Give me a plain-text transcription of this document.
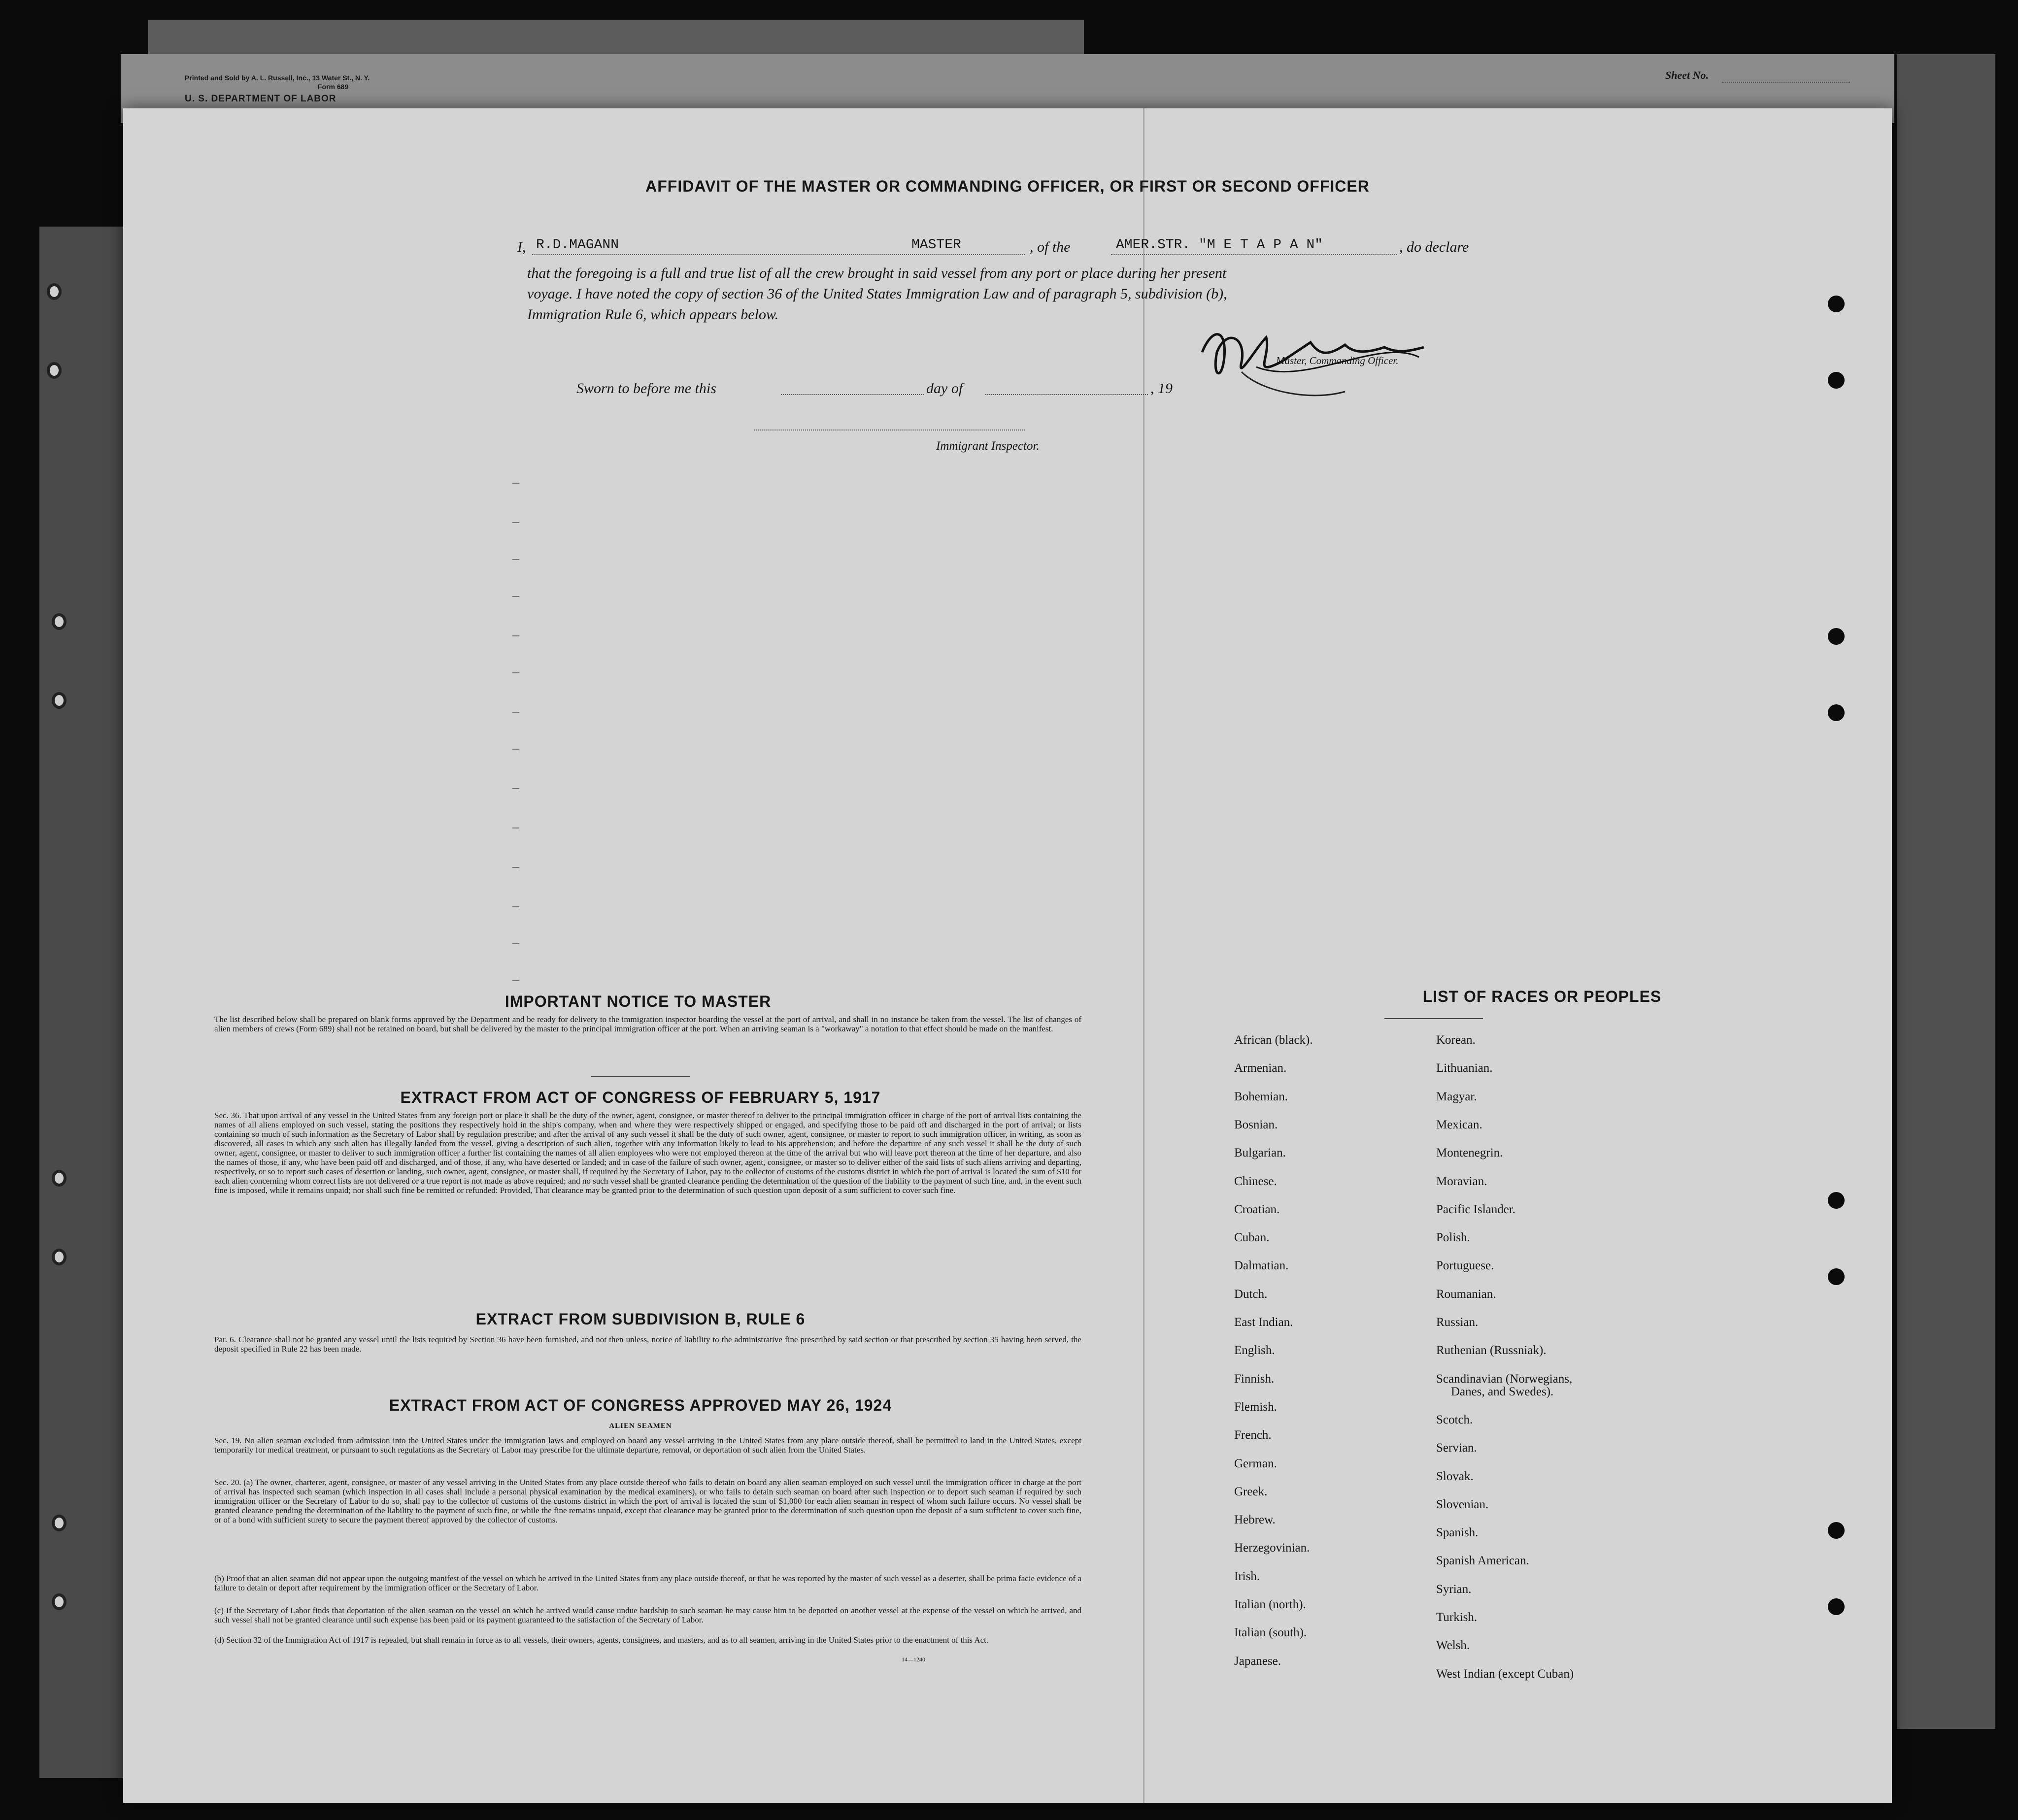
Printed and Sold by A. L. Russell, Inc., 13 Water St., N. Y.
Form 689
U. S. DEPARTMENT OF LABOR
Sheet No.
AFFIDAVIT OF THE MASTER OR COMMANDING OFFICER, OR FIRST OR SECOND OFFICER
I, R.D.MAGANN	MASTER	, of the	AMER.STR. "M E T A P A N"	, do declare
that the foregoing is a full and true list of all the crew brought in said vessel from any port or place during her present
voyage. I have noted the copy of section 36 of the United States Immigration Law and of paragraph 5, subdivision (b),
Immigration Rule 6, which appears below.
Master, Commanding Officer.
Sworn to before me this	day of	, 19
Immigrant Inspector.
IMPORTANT NOTICE TO MASTER
The list described below shall be prepared on blank forms approved by the Department and be ready for delivery to the immigration inspector boarding the vessel at the port of arrival, and shall in no instance be taken from the vessel. The list of changes of alien members of crews (Form 689) shall not be retained on board, but shall be delivered by the master to the principal immigration officer at the port. When an arriving seaman is a "workaway" a notation to that effect should be made on the manifest.
EXTRACT FROM ACT OF CONGRESS OF FEBRUARY 5, 1917
Sec. 36. That upon arrival of any vessel in the United States from any foreign port or place it shall be the duty of the owner, agent, consignee, or master thereof to deliver to the principal immigration officer in charge of the port of arrival lists containing the names of all aliens employed on such vessel, stating the positions they respectively hold in the ship's company, when and where they were respectively shipped or engaged, and specifying those to be paid off and discharged in the port of arrival; or lists containing so much of such information as the Secretary of Labor shall by regulation prescribe; and after the arrival of any such vessel it shall be the duty of such owner, agent, consignee, or master to report to such immigration officer, in writing, as soon as discovered, all cases in which any such alien has illegally landed from the vessel, giving a description of such alien, together with any information likely to lead to his apprehension; and before the departure of any such vessel it shall be the duty of such owner, agent, consignee, or master to deliver to such immigration officer a further list containing the names of all alien employees who were not employed thereon at the time of the arrival but who will leave port thereon at the time of her departure, and also the names of those, if any, who have been paid off and discharged, and of those, if any, who have deserted or landed; and in case of the failure of such owner, agent, consignee, or master so to deliver either of the said lists of such aliens arriving and departing, respectively, or so to report such cases of desertion or landing, such owner, agent, consignee, or master shall, if required by the Secretary of Labor, pay to the collector of customs of the customs district in which the port of arrival is located the sum of $10 for each alien concerning whom correct lists are not delivered or a true report is not made as above required; and no such vessel shall be granted clearance pending the determination of the question of the liability to the payment of such fine, and, in the event such fine is imposed, while it remains unpaid; nor shall such fine be remitted or refunded: Provided, That clearance may be granted prior to the determination of such question upon deposit of a sum sufficient to cover such fine.
EXTRACT FROM SUBDIVISION B, RULE 6
Par. 6. Clearance shall not be granted any vessel until the lists required by Section 36 have been furnished, and not then unless, notice of liability to the administrative fine prescribed by said section or that prescribed by section 35 having been served, the deposit specified in Rule 22 has been made.
EXTRACT FROM ACT OF CONGRESS APPROVED MAY 26, 1924
ALIEN SEAMEN
Sec. 19. No alien seaman excluded from admission into the United States under the immigration laws and employed on board any vessel arriving in the United States from any place outside thereof, shall be permitted to land in the United States, except temporarily for medical treatment, or pursuant to such regulations as the Secretary of Labor may prescribe for the ultimate departure, removal, or deportation of such alien from the United States.
Sec. 20. (a) The owner, charterer, agent, consignee, or master of any vessel arriving in the United States from any place outside thereof who fails to detain on board any alien seaman employed on such vessel until the immigration officer in charge at the port of arrival has inspected such seaman (which inspection in all cases shall include a personal physical examination by the medical examiners), or who fails to detain such seaman on board after such inspection or to deport such seaman if required by such immigration officer or the Secretary of Labor to do so, shall pay to the collector of customs of the customs district in which the port of arrival is located the sum of $1,000 for each alien seaman in respect of whom such failure occurs. No vessel shall be granted clearance pending the determination of the liability to the payment of such fine, or while the fine remains unpaid, except that clearance may be granted prior to the determination of such question upon the deposit of a sum sufficient to cover such fine, or of a bond with sufficient surety to secure the payment thereof approved by the collector of customs.
(b) Proof that an alien seaman did not appear upon the outgoing manifest of the vessel on which he arrived in the United States from any place outside thereof, or that he was reported by the master of such vessel as a deserter, shall be prima facie evidence of a failure to detain or deport after requirement by the immigration officer or the Secretary of Labor.
(c) If the Secretary of Labor finds that deportation of the alien seaman on the vessel on which he arrived would cause undue hardship to such seaman he may cause him to be deported on another vessel at the expense of the vessel on which he arrived, and such vessel shall not be granted clearance until such expense has been paid or its payment guaranteed to the satisfaction of the Secretary of Labor.
(d) Section 32 of the Immigration Act of 1917 is repealed, but shall remain in force as to all vessels, their owners, agents, consignees, and masters, and as to all seamen, arriving in the United States prior to the enactment of this Act.
14—1240
LIST OF RACES OR PEOPLES
African (black).
Armenian.
Bohemian.
Bosnian.
Bulgarian.
Chinese.
Croatian.
Cuban.
Dalmatian.
Dutch.
East Indian.
English.
Finnish.
Flemish.
French.
German.
Greek.
Hebrew.
Herzegovinian.
Irish.
Italian (north).
Italian (south).
Japanese.
Korean.
Lithuanian.
Magyar.
Mexican.
Montenegrin.
Moravian.
Pacific Islander.
Polish.
Portuguese.
Roumanian.
Russian.
Ruthenian (Russniak).
Scandinavian (Norwegians,
Danes, and Swedes).
Scotch.
Servian.
Slovak.
Slovenian.
Spanish.
Spanish American.
Syrian.
Turkish.
Welsh.
West Indian (except Cuban)
